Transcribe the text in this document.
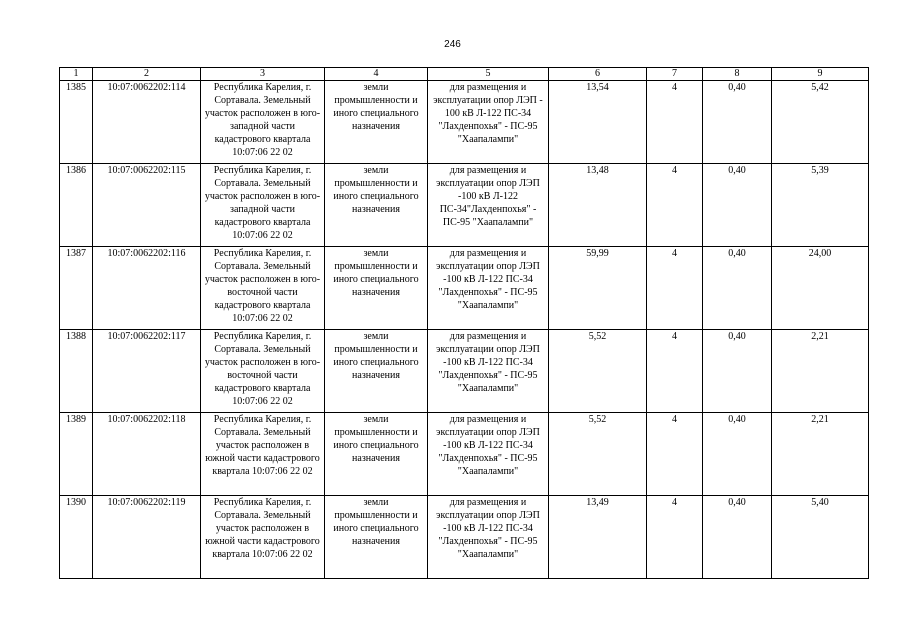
246
1	2	3	4	5	6	7	8	9
1385	10:07:0062202:114	Республика Карелия, г. Сортавала. Земельный участок расположен в юго-западной части кадастрового квартала 10:07:06 22 02	земли промышленности и иного специального назначения	для размещения и эксплуатации опор ЛЭП - 100 кВ Л-122 ПС-34 "Лахденпохья" - ПС-95 "Хаапалампи"	13,54	4	0,40	5,42
1386	10:07:0062202:115	Республика Карелия, г. Сортавала. Земельный участок расположен в юго-западной части кадастрового квартала 10:07:06 22 02	земли промышленности и иного специального назначения	для размещения и эксплуатации опор ЛЭП -100 кВ Л-122 ПС-34"Лахденпохья" - ПС-95 "Хаапалампи"	13,48	4	0,40	5,39
1387	10:07:0062202:116	Республика Карелия, г. Сортавала. Земельный участок расположен в юго-восточной части кадастрового квартала 10:07:06 22 02	земли промышленности и иного специального назначения	для размещения и эксплуатации опор ЛЭП -100 кВ Л-122 ПС-34 "Лахденпохья" - ПС-95 "Хаапалампи"	59,99	4	0,40	24,00
1388	10:07:0062202:117	Республика Карелия, г. Сортавала. Земельный участок расположен в юго-восточной части кадастрового квартала 10:07:06 22 02	земли промышленности и иного специального назначения	для размещения и эксплуатации опор ЛЭП -100 кВ Л-122 ПС-34 "Лахденпохья" - ПС-95 "Хаапалампи"	5,52	4	0,40	2,21
1389	10:07:0062202:118	Республика Карелия, г. Сортавала. Земельный участок расположен в южной части кадастрового квартала 10:07:06 22 02	земли промышленности и иного специального назначения	для размещения и эксплуатации опор ЛЭП -100 кВ Л-122 ПС-34 "Лахденпохья" - ПС-95 "Хаапалампи"	5,52	4	0,40	2,21
1390	10:07:0062202:119	Республика Карелия, г. Сортавала. Земельный участок расположен в южной части кадастрового квартала 10:07:06 22 02	земли промышленности и иного специального назначения	для размещения и эксплуатации опор ЛЭП -100 кВ Л-122 ПС-34 "Лахденпохья" - ПС-95 "Хаапалампи"	13,49	4	0,40	5,40
